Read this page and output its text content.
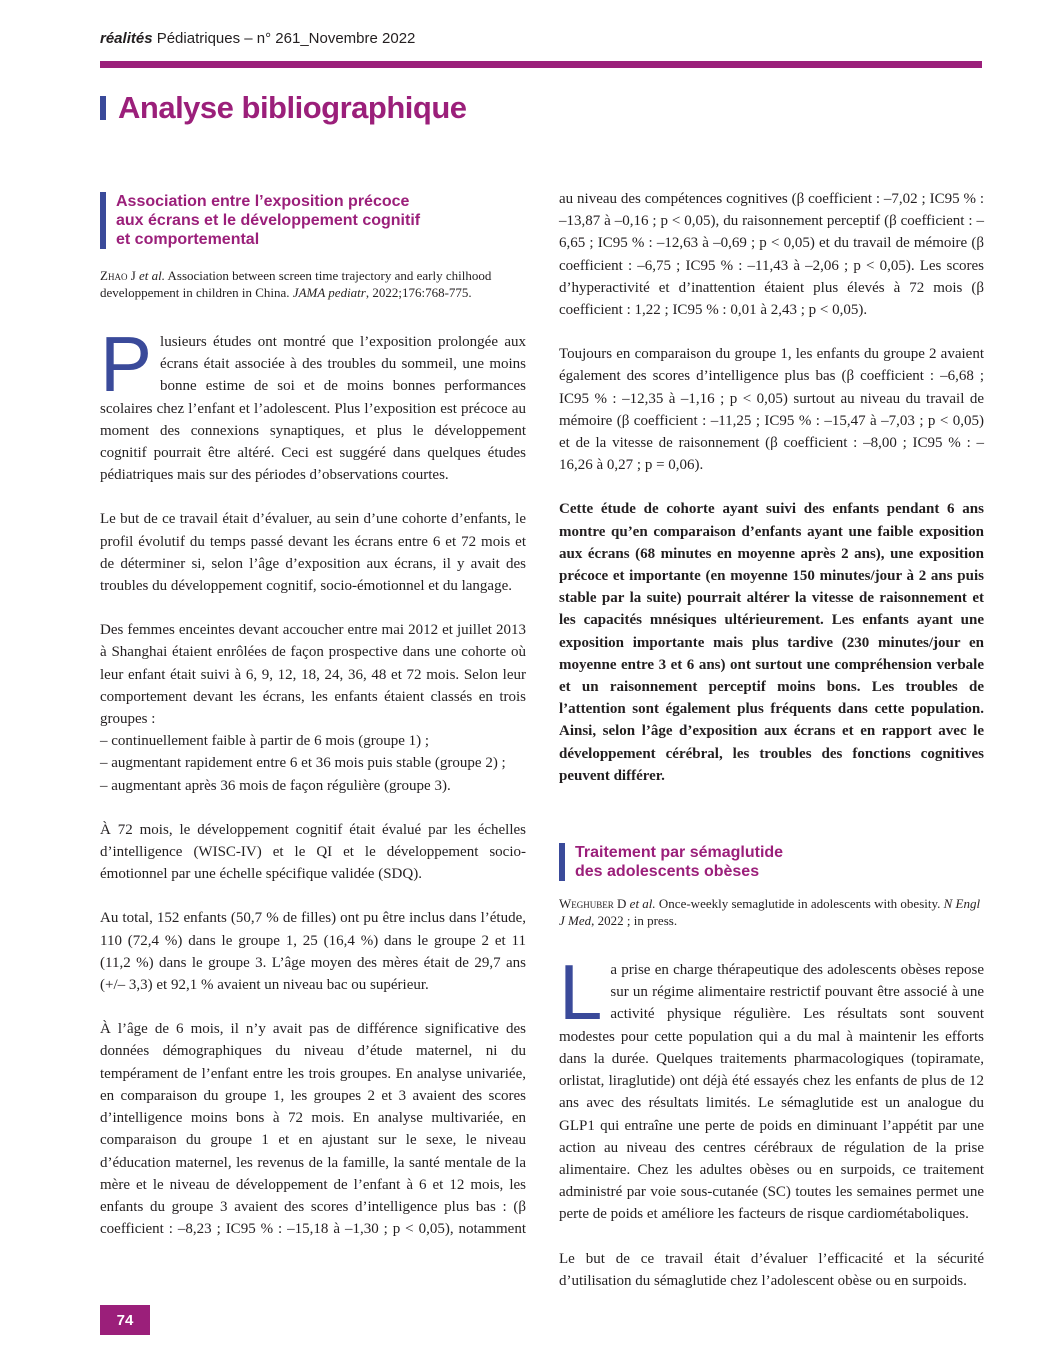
réalités Pédiatriques – n° 261_Novembre 2022
Analyse bibliographique
Association entre l’exposition précoce
aux écrans et le développement cognitif
et comportemental
Zhao J et al. Association between screen time trajectory and early chilhood developpement in children in China. JAMA pediatr, 2022;176:768-775.

Plusieurs études ont montré que l’exposition prolongée aux écrans était associée à des troubles du sommeil, une moins bonne estime de soi et de moins bonnes performances scolaires chez l’enfant et l’adolescent. Plus l’exposition est précoce au moment des connexions synaptiques, et plus le développement cognitif pourrait être altéré. Ceci est suggéré dans quelques études pédiatriques mais sur des périodes d’observations courtes.

Le but de ce travail était d’évaluer, au sein d’une cohorte d’enfants, le profil évolutif du temps passé devant les écrans entre 6 et 72 mois et de déterminer si, selon l’âge d’exposition aux écrans, il y avait des troubles du développement cognitif, socio-émotionnel et du langage.

Des femmes enceintes devant accoucher entre mai 2012 et juillet 2013 à Shanghai étaient enrôlées de façon prospective dans une cohorte où leur enfant était suivi à 6, 9, 12, 18, 24, 36, 48 et 72 mois. Selon leur comportement devant les écrans, les enfants étaient classés en trois groupes :
– continuellement faible à partir de 6 mois (groupe 1) ;
– augmentant rapidement entre 6 et 36 mois puis stable (groupe 2) ;
– augmentant après 36 mois de façon régulière (groupe 3).

À 72 mois, le développement cognitif était évalué par les échelles d’intelligence (WISC-IV) et le QI et le développement socio-émotionnel par une échelle spécifique validée (SDQ).

Au total, 152 enfants (50,7 % de filles) ont pu être inclus dans l’étude, 110 (72,4 %) dans le groupe 1, 25 (16,4 %) dans le groupe 2 et 11 (11,2 %) dans le groupe 3. L’âge moyen des mères était de 29,7 ans (+/– 3,3) et 92,1 % avaient un niveau bac ou supérieur.

À l’âge de 6 mois, il n’y avait pas de différence significative des données démographiques du niveau d’étude maternel, ni du tempérament de l’enfant entre les trois groupes. En analyse univariée, en comparaison du groupe 1, les groupes 2 et 3 avaient des scores d’intelligence moins bons à 72 mois. En analyse multivariée, en comparaison du groupe 1 et en ajustant sur le sexe, le niveau d’éducation maternel, les revenus de la famille, la santé mentale de la mère et le niveau de développement de l’enfant à 6 et 12 mois, les enfants du groupe 3 avaient des scores d’intelligence plus bas : (β coefficient : –8,23 ; IC95 % : –15,18 à –1,30 ; p < 0,05), notamment

au niveau des compétences cognitives (β coefficient : –7,02 ; IC95 % : –13,87 à –0,16 ; p < 0,05), du raisonnement perceptif (β coefficient : –6,65 ; IC95 % : –12,63 à –0,69 ; p < 0,05) et du travail de mémoire (β coefficient : –6,75 ; IC95 % : –11,43 à –2,06 ; p < 0,05). Les scores d’hyperactivité et d’inattention étaient plus élevés à 72 mois (β coefficient : 1,22 ; IC95 % : 0,01 à 2,43 ; p < 0,05).

Toujours en comparaison du groupe 1, les enfants du groupe 2 avaient également des scores d’intelligence plus bas (β coefficient : –6,68 ; IC95 % : –12,35 à –1,16 ; p < 0,05) surtout au niveau du travail de mémoire (β coefficient : –11,25 ; IC95 % : –15,47 à –7,03 ; p < 0,05) et de la vitesse de raisonnement (β coefficient : –8,00 ; IC95 % : –16,26 à 0,27 ; p = 0,06).

Cette étude de cohorte ayant suivi des enfants pendant 6 ans montre qu’en comparaison d’enfants ayant une faible exposition aux écrans (68 minutes en moyenne après 2 ans), une exposition précoce et importante (en moyenne 150 minutes/jour à 2 ans puis stable par la suite) pourrait altérer la vitesse de raisonnement et les capacités mnésiques ultérieurement. Les enfants ayant une exposition importante mais plus tardive (230 minutes/jour en moyenne entre 3 et 6 ans) ont surtout une compréhension verbale et un raisonnement perceptif moins bons. Les troubles de l’attention sont également plus fréquents dans cette population. Ainsi, selon l’âge d’exposition aux écrans et en rapport avec le développement cérébral, les troubles des fonctions cognitives peuvent différer.

Traitement par sémaglutide
des adolescents obèses
Weghuber D et al. Once-weekly semaglutide in adolescents with obesity. N Engl J Med, 2022 ; in press.

La prise en charge thérapeutique des adolescents obèses repose sur un régime alimentaire restrictif pouvant être associé à une activité physique régulière. Les résultats sont souvent modestes pour cette population qui a du mal à maintenir les efforts dans la durée. Quelques traitements pharmacologiques (topiramate, orlistat, liraglutide) ont déjà été essayés chez les enfants de plus de 12 ans avec des résultats limités. Le sémaglutide est un analogue du GLP1 qui entraîne une perte de poids en diminuant l’appétit par une action au niveau des centres cérébraux de régulation de la prise alimentaire. Chez les adultes obèses ou en surpoids, ce traitement administré par voie sous-cutanée (SC) toutes les semaines permet une perte de poids et améliore les facteurs de risque cardiométaboliques.

Le but de ce travail était d’évaluer l’efficacité et la sécurité d’utilisation du sémaglutide chez l’adolescent obèse ou en surpoids.

74
